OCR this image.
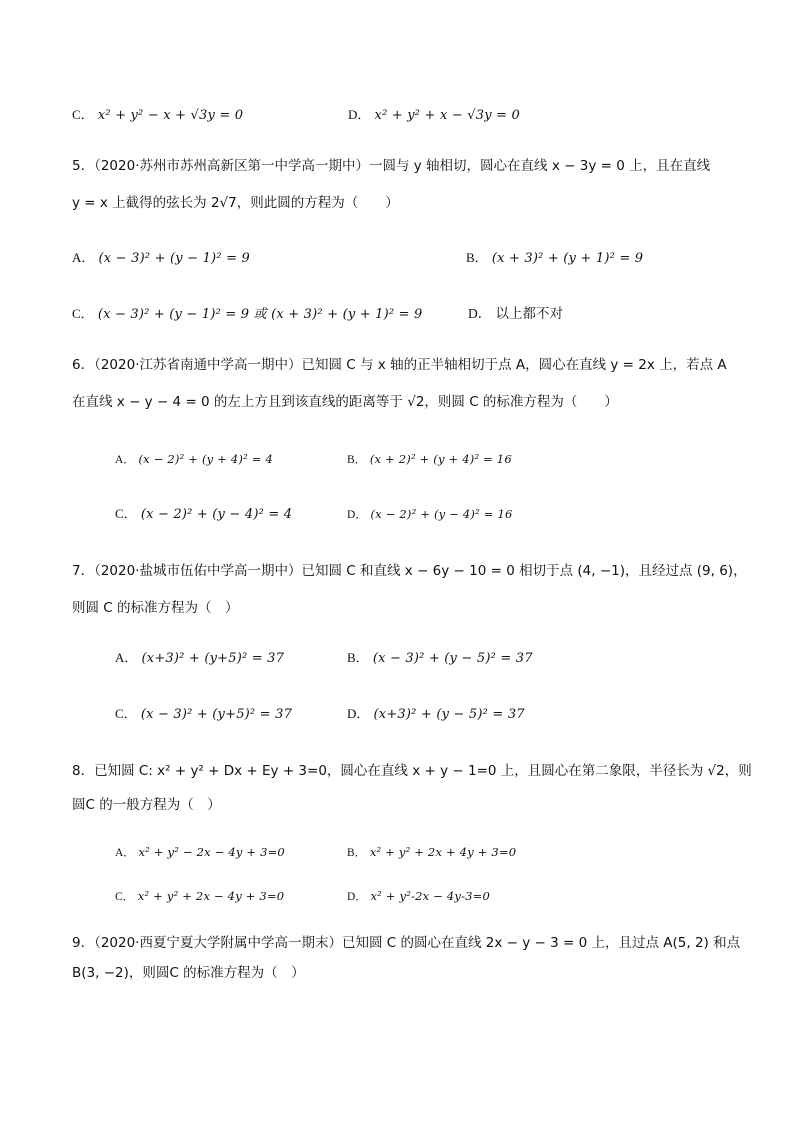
C． x² + y² − x + √3y = 0	D． x² + y² + x − √3y = 0
5．（2020·苏州市苏州高新区第一中学高一期中）一圆与 y 轴相切，圆心在直线 x − 3y = 0 上，且在直线
y = x 上截得的弦长为 2√7，则此圆的方程为（　　）
A． (x − 3)² + (y − 1)² = 9	B． (x + 3)² + (y + 1)² = 9
C． (x − 3)² + (y − 1)² = 9 或 (x + 3)² + (y + 1)² = 9	D． 以上都不对
6．（2020·江苏省南通中学高一期中）已知圆 C 与 x 轴的正半轴相切于点 A，圆心在直线 y = 2x 上，若点 A
在直线 x − y − 4 = 0 的左上方且到该直线的距离等于 √2，则圆 C 的标准方程为（　　）
A． (x − 2)² + (y + 4)² = 4	B． (x + 2)² + (y + 4)² = 16
C． (x − 2)² + (y − 4)² = 4	D． (x − 2)² + (y − 4)² = 16
7．（2020·盐城市伍佑中学高一期中）已知圆 C 和直线 x − 6y − 10 = 0 相切于点 (4, −1)，且经过点 (9, 6)，
则圆 C 的标准方程为（　）
A． (x+3)² + (y+5)² = 37	B． (x − 3)² + (y − 5)² = 37
C． (x − 3)² + (y+5)² = 37	D． (x+3)² + (y − 5)² = 37
8．已知圆 C: x² + y² + Dx + Ey + 3=0，圆心在直线 x + y − 1=0 上，且圆心在第二象限，半径长为 √2，则
圆C 的一般方程为（　）
A． x² + y² − 2x − 4y + 3=0	B． x² + y² + 2x + 4y + 3=0
C． x² + y² + 2x − 4y + 3=0	D． x² + y²-2x − 4y-3=0
9．（2020·西夏宁夏大学附属中学高一期末）已知圆 C 的圆心在直线 2x − y − 3 = 0 上，且过点 A(5, 2) 和点
B(3, −2)，则圆C 的标准方程为（　）
